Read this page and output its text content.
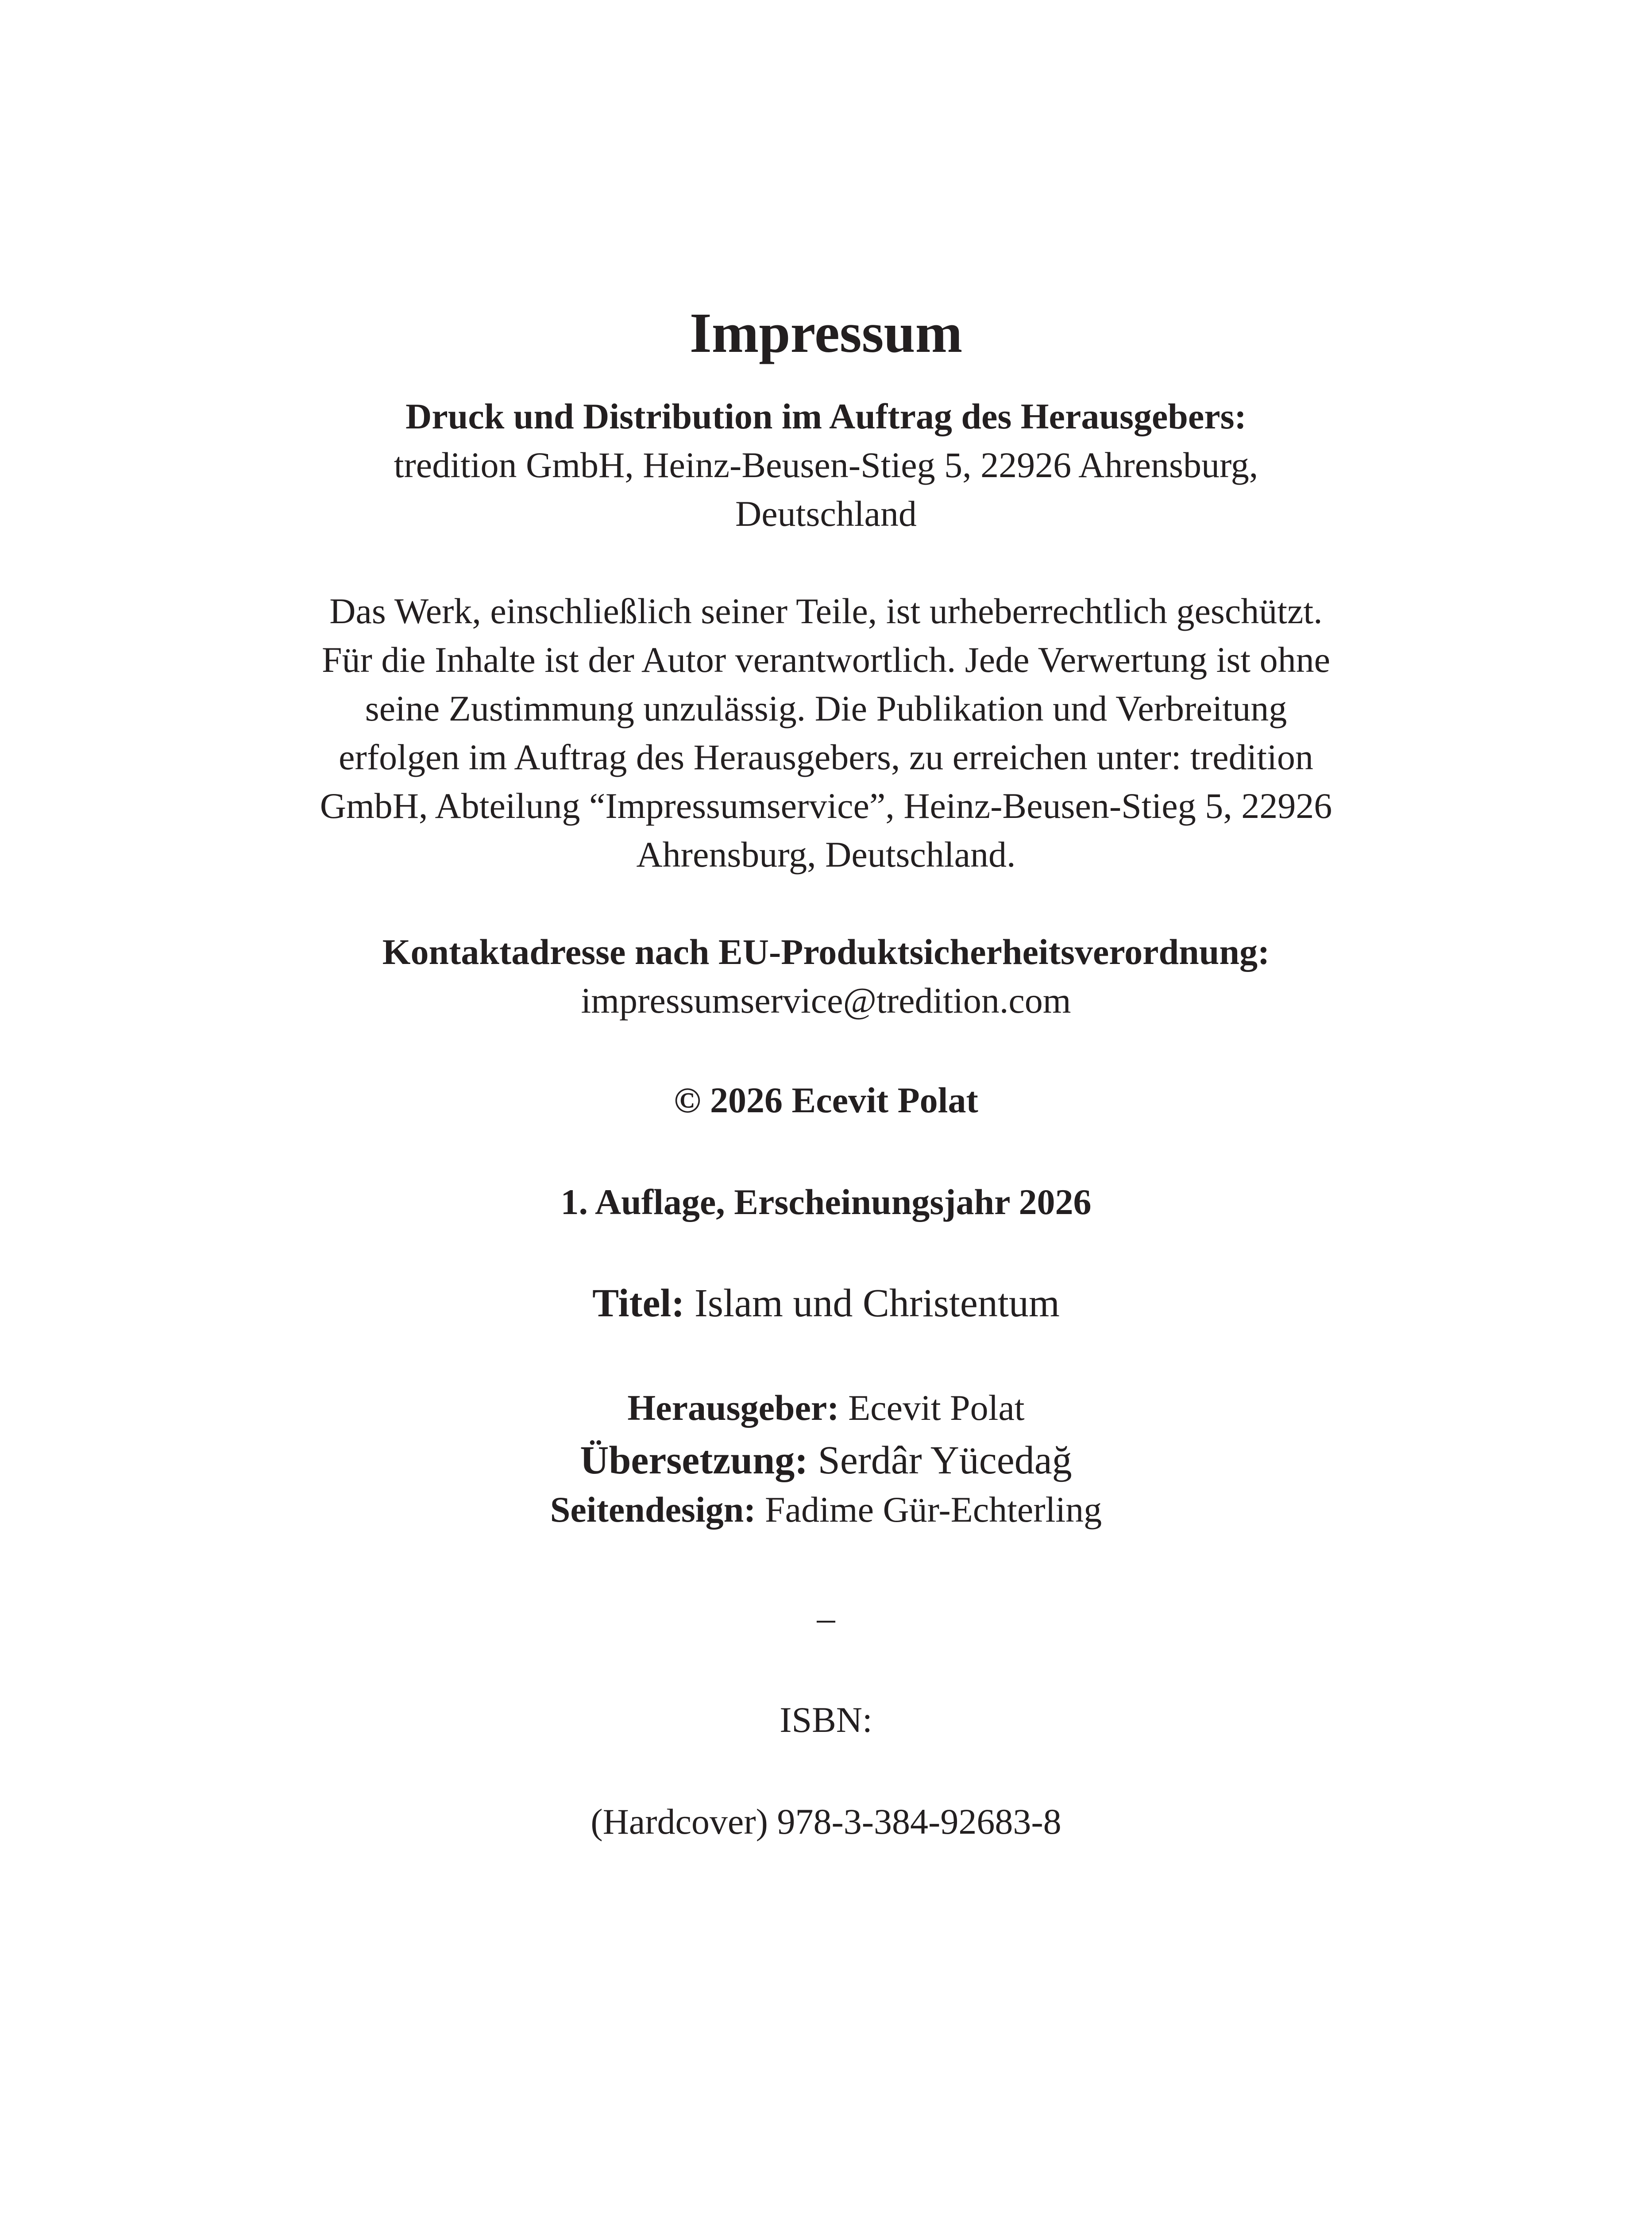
Impressum
Druck und Distribution im Auftrag des Herausgebers:
tredition GmbH, Heinz-Beusen-Stieg 5, 22926 Ahrensburg,
Deutschland
Das Werk, einschließlich seiner Teile, ist urheberrechtlich geschützt.
Für die Inhalte ist der Autor verantwortlich. Jede Verwertung ist ohne
seine Zustimmung unzulässig. Die Publikation und Verbreitung
erfolgen im Auftrag des Herausgebers, zu erreichen unter: tredition
GmbH, Abteilung “Impressumservice”, Heinz-Beusen-Stieg 5, 22926
Ahrensburg, Deutschland.
Kontaktadresse nach EU-Produktsicherheitsverordnung:
impressumservice@tredition.com
© 2026 Ecevit Polat
1. Auflage, Erscheinungsjahr 2026
Titel: Islam und Christentum
Herausgeber: Ecevit Polat
Übersetzung: Serdâr Yücedağ
Seitendesign: Fadime Gür-Echterling
–
ISBN:
(Hardcover) 978-3-384-92683-8
